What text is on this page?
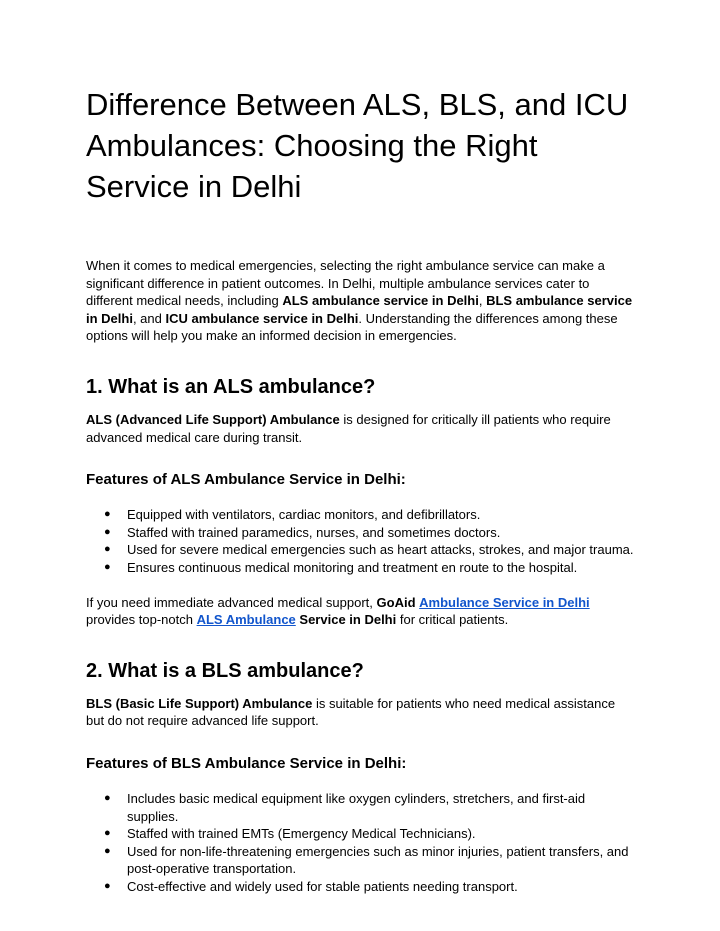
Difference Between ALS, BLS, and ICU Ambulances: Choosing the Right Service in Delhi

When it comes to medical emergencies, selecting the right ambulance service can make a significant difference in patient outcomes. In Delhi, multiple ambulance services cater to different medical needs, including ALS ambulance service in Delhi, BLS ambulance service in Delhi, and ICU ambulance service in Delhi. Understanding the differences among these options will help you make an informed decision in emergencies.

1. What is an ALS ambulance?

ALS (Advanced Life Support) Ambulance is designed for critically ill patients who require advanced medical care during transit.

Features of ALS Ambulance Service in Delhi:
● Equipped with ventilators, cardiac monitors, and defibrillators.
● Staffed with trained paramedics, nurses, and sometimes doctors.
● Used for severe medical emergencies such as heart attacks, strokes, and major trauma.
● Ensures continuous medical monitoring and treatment en route to the hospital.

If you need immediate advanced medical support, GoAid Ambulance Service in Delhi provides top-notch ALS Ambulance Service in Delhi for critical patients.

2. What is a BLS ambulance?

BLS (Basic Life Support) Ambulance is suitable for patients who need medical assistance but do not require advanced life support.

Features of BLS Ambulance Service in Delhi:
● Includes basic medical equipment like oxygen cylinders, stretchers, and first-aid supplies.
● Staffed with trained EMTs (Emergency Medical Technicians).
● Used for non-life-threatening emergencies such as minor injuries, patient transfers, and post-operative transportation.
● Cost-effective and widely used for stable patients needing transport.
